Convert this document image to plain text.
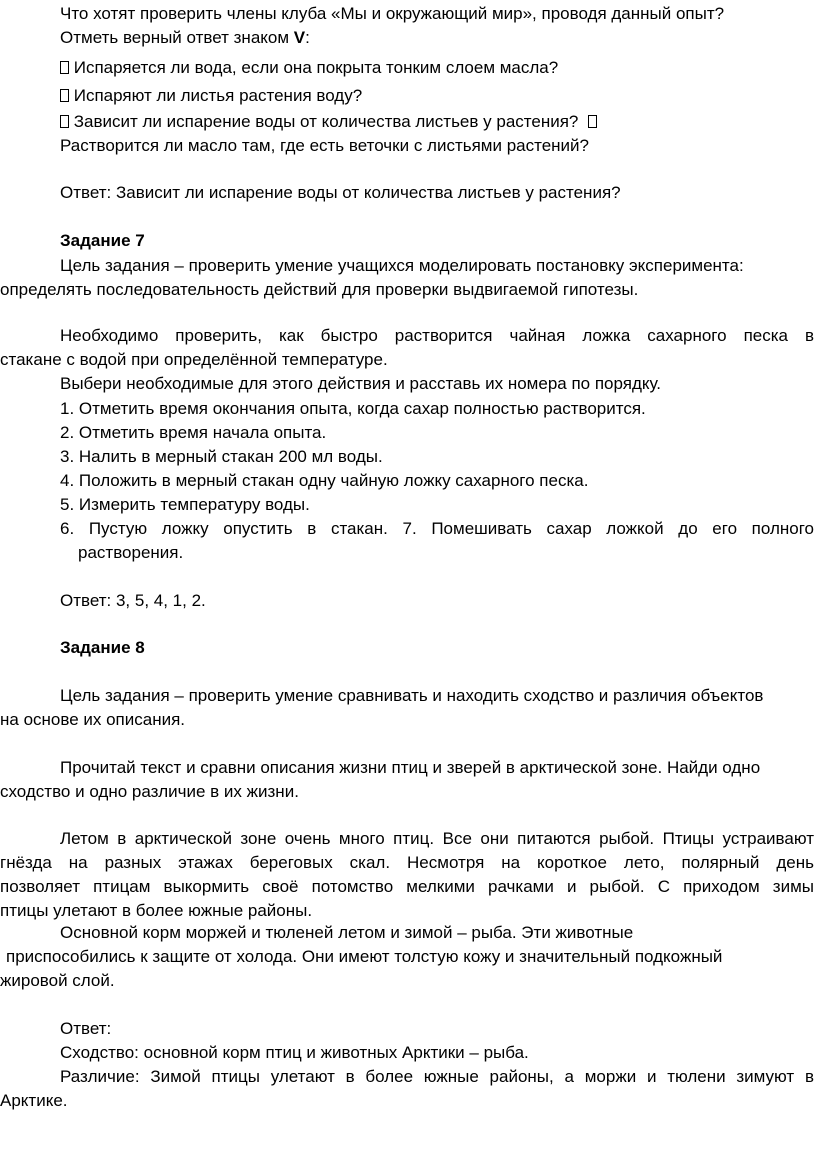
Что хотят проверить члены клуба «Мы и окружающий мир», проводя данный опыт?
Отметь верный ответ знаком V:
Испаряется ли вода, если она покрыта тонким слоем масла?
Испаряют ли листья растения воду?
Зависит ли испарение воды от количества листьев у растения?
Растворится ли масло там, где есть веточки с листьями растений?
Ответ: Зависит ли испарение воды от количества листьев у растения?
Задание 7
Цель задания – проверить умение учащихся моделировать постановку эксперимента:
определять последовательность действий для проверки выдвигаемой гипотезы.
Необходимо проверить, как быстро растворится чайная ложка сахарного песка в
стакане с водой при определённой температуре.
Выбери необходимые для этого действия и расставь их номера по порядку.
1. Отметить время окончания опыта, когда сахар полностью растворится.
2. Отметить время начала опыта.
3. Налить в мерный стакан 200 мл воды.
4. Положить в мерный стакан одну чайную ложку сахарного песка.
5. Измерить температуру воды.
6. Пустую ложку опустить в стакан. 7. Помешивать сахар ложкой до его полного
растворения.
Ответ: 3, 5, 4, 1, 2.
Задание 8
Цель задания – проверить умение сравнивать и находить сходство и различия объектов
на основе их описания.
Прочитай текст и сравни описания жизни птиц и зверей в арктической зоне. Найди одно
сходство и одно различие в их жизни.
Летом в арктической зоне очень много птиц. Все они питаются рыбой. Птицы устраивают
гнёзда на разных этажах береговых скал. Несмотря на короткое лето, полярный день
позволяет птицам выкормить своё потомство мелкими рачками и рыбой. С приходом зимы
птицы улетают в более южные районы.
Основной корм моржей и тюленей летом и зимой – рыба. Эти животные
приспособились к защите от холода. Они имеют толстую кожу и значительный подкожный
жировой слой.
Ответ:
Сходство: основной корм птиц и животных Арктики – рыба.
Различие: Зимой птицы улетают в более южные районы, а моржи и тюлени зимуют в
Арктике.
